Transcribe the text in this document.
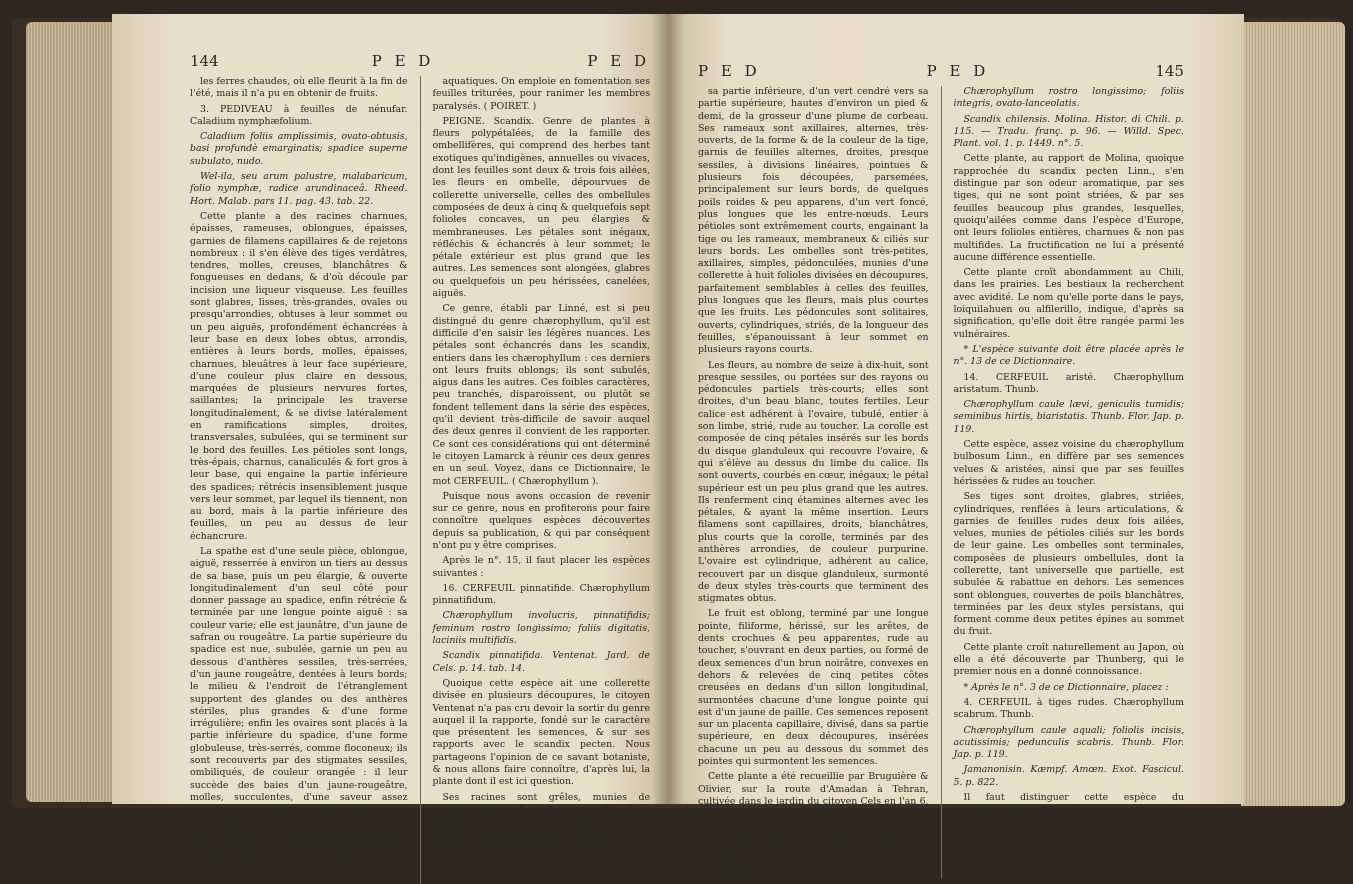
144	P E D	P E D

les ferres chaudes, où elle fleurit à la fin de l'été, mais il n'a pu en obtenir de fruits.

3. PEDIVEAU à feuilles de nénufar. Caladium nymphæfolium.

Caladium foliis amplissimis, ovato-obtusis, basi profundè emarginatis; spadice superne subulato, nudo.

Wel-ila, seu arum palustre, malabaricum, folio nymphæ, radice arundinaceâ. Rheed. Hort. Malab. pars 11. pag. 43. tab. 22.

Cette plante a des racines charnues, épaisses, rameuses, oblongues, épaisses, garnies de filamens capillaires & de rejetons nombreux : il s'en élève des tiges verdâtres, tendres, molles, creuses, blanchâtres & fongueuses en dedans, & d'où découle par incision une liqueur visqueuse. Les feuilles sont glabres, lisses, très-grandes, ovales ou presqu'arrondies, obtuses à leur sommet ou un peu aiguës, profondément échancrées à leur base en deux lobes obtus, arrondis, entières à leurs bords, molles, épaisses, charnues, bleuâtres à leur face supérieure, d'une couleur plus claire en dessous, marquées de plusieurs nervures fortes, saillantes; la principale les traverse longitudinalement, & se divise latéralement en ramifications simples, droites, transversales, subulées, qui se terminent sur le bord des feuilles. Les pétioles sont longs, très-épais, charnus, canaliculés & fort gros à leur base, qui engaine la partie inférieure des spadices; rétrécis insensiblement jusque vers leur sommet, par lequel ils tiennent, non au bord, mais à la partie inférieure des feuilles, un peu au dessus de leur échancrure.

La spathe est d'une seule pièce, oblongue, aiguë, resserrée à environ un tiers au dessus de sa base, puis un peu élargie, & ouverte longitudinalement d'un seul côté pour donner passage au spadice, enfin rétrécie & terminée par une longue pointe aiguë : sa couleur varie; elle est jaunâtre, d'un jaune de safran ou rougeâtre. La partie supérieure du spadice est nue, subulée, garnie un peu au dessous d'anthères sessiles, très-serrées, d'un jaune rougeâtre, dentées à leurs bords; le milieu & l'endroit de l'étranglement supportent des glandes ou des anthères stériles, plus grandes & d'une forme irrégulière; enfin les ovaires sont placés à la partie inférieure du spadice, d'une forme globuleuse, très-serrés, comme floconeux; ils sont recouverts par des stigmates sessiles, ombiliqués, de couleur orangée : il leur succède des baies d'un jaune-rougeâtre, molles, succulentes, d'une saveur assez douce, quoique toutes les autres parties de cette plante soient âcres & brûlantes : elles contiennent huit à dix semences oblongues, un peu arrondies, d'un blanc roussâtre.

Cette plante croît au Malabar, dans les lieux

aquatiques. On emploie en fomentation ses feuilles triturées, pour ranimer les membres paralysés. ( POIRET. )

PEIGNE. Scandix. Genre de plantes à fleurs polypétalées, de la famille des ombellifères, qui comprend des herbes tant exotiques qu'indigènes, annuelles ou vivaces, dont les feuilles sont deux & trois fois ailées, les fleurs en ombelle, dépourvues de collerette universelle, celles des ombellules composées de deux à cinq & quelquefois sept folioles concaves, un peu élargies & membraneuses. Les pétales sont inégaux, réfléchis & échancrés à leur sommet; le pétale extérieur est plus grand que les autres. Les semences sont alongées, glabres ou quelquefois un peu hérissées, canelées, aiguës.

Ce genre, établi par Linné, est si peu distingué du genre chærophyllum, qu'il est difficile d'en saisir les légères nuances. Les pétales sont échancrés dans les scandix, entiers dans les chærophyllum : ces derniers ont leurs fruits oblongs; ils sont subulés, aigus dans les autres. Ces foibles caractères, peu tranchés, disparoissent, ou plutôt se fondent tellement dans la série des espèces, qu'il devient très-difficile de savoir auquel des deux genres il convient de les rapporter. Ce sont ces considérations qui ont déterminé le citoyen Lamarck à réunir ces deux genres en un seul. Voyez, dans ce Dictionnaire, le mot CERFEUIL. ( Chærophyllum ).

Puisque nous avons occasion de revenir sur ce genre, nous en profiterons pour faire connoître quelques espèces découvertes depuis sa publication, & qui par conséquent n'ont pu y être comprises.

Après le n°. 15, il faut placer les espèces suivantes :

16. CERFEUIL pinnatifide. Chærophyllum pinnatifidum.

Chærophyllum involucris, pinnatifidis; feminum rostro longissimo; foliis digitatis, laciniis multifidis.

Scandix pinnatifida. Ventenat. Jard. de Cels. p. 14. tab. 14.

Quoique cette espèce ait une collerette divisée en plusieurs découpures, le citoyen Ventenat n'a pas cru devoir la sortir du genre auquel il la rapporte, fondé sur le caractère que présentent les semences, & sur ses rapports avec le scandix pecten. Nous partageons l'opinion de ce savant botaniste, & nous allons faire connoître, d'après lui, la plante dont il est ici question.

Ses racines sont grêles, munies de quelques fibres, & d'un gris cendré. Elles poussent des tiges presque droites, cylindriques, sillonnées, un peu rudes au toucher, rameuses, de couleur brune à

sa
P E D	P E D	145

sa partie inférieure, d'un vert cendré vers sa partie supérieure, hautes d'environ un pied & demi, de la grosseur d'une plume de corbeau. Ses rameaux sont axillaires, alternes, très-ouverts, de la forme & de la couleur de la tige, garnis de feuilles alternes, droites, presque sessiles, à divisions linéaires, pointues & plusieurs fois découpées, parsemées, principalement sur leurs bords, de quelques poils roides & peu apparens, d'un vert foncé, plus longues que les entre-nœuds. Leurs pétioles sont extrêmement courts, engainant la tige ou les rameaux, membraneux & ciliés sur leurs bords. Les ombelles sont très-petites, axillaires, simples, pédonculées, munies d'une collerette à huit folioles divisées en découpures, parfaitement semblables à celles des feuilles, plus longues que les fleurs, mais plus courtes que les fruits. Les pédoncules sont solitaires, ouverts, cylindriques, striés, de la longueur des feuilles, s'épanouissant à leur sommet en plusieurs rayons courts.

Les fleurs, au nombre de seize à dix-huit, sont presque sessiles, ou portées sur des rayons ou pédoncules partiels très-courts; elles sont droites, d'un beau blanc, toutes fertiles. Leur calice est adhérent à l'ovaire, tubulé, entier à son limbe, strié, rude au toucher. La corolle est composée de cinq pétales insérés sur les bords du disque glanduleux qui recouvre l'ovaire, & qui s'élève au dessus du limbe du calice. Ils sont ouverts, courbés en cœur, inégaux; le pétal supérieur est un peu plus grand que les autres. Ils renferment cinq étamines alternes avec les pétales, & ayant la même insertion. Leurs filamens sont capillaires, droits, blanchâtres, plus courts que la corolle, terminés par des anthères arrondies, de couleur purpurine. L'ovaire est cylindrique, adhérent au calice, recouvert par un disque glanduleux, surmonté de deux styles très-courts que terminent des stigmates obtus.

Le fruit est oblong, terminé par une longue pointe, filiforme, hérissé, sur les arêtes, de dents crochues & peu apparentes, rude au toucher, s'ouvrant en deux parties, ou formé de deux semences d'un brun noirâtre, convexes en dehors & relevées de cinq petites côtes creusées en dedans d'un sillon longitudinal, surmontées chacune d'une longue pointe qui est d'un jaune de paille. Ces semences reposent sur un placenta capillaire, divisé, dans sa partie supérieure, en deux découpures, insérées chacune un peu au dessous du sommet des pointes qui surmontent les semences.

Cette plante a été recueillie par Bruguière & Olivier, sur la route d'Amadan à Tehran, cultivée dans le jardin du citoyen Cels en l'an 6, où elle a fleuri en prairial. ⊙ ( Caract. ex Ventenat. )

17. CERFEUIL du Chili. Chærophyllum chilense.

Botanique. Tome V.

Chærophyllum rostro longissimo; foliis integris, ovato-lanceolatis.

Scandix chilensis. Molina. Histor. di Chili. p. 115. — Tradu. franç. p. 96. — Willd. Spec. Plant. vol. 1. p. 1449. n°. 5.

Cette plante, au rapport de Molina, quoique rapprochée du scandix pecten Linn., s'en distingue par son odeur aromatique, par ses tiges, qui ne sont point striées, & par ses feuilles beaucoup plus grandes, lesquelles, quoiqu'ailées comme dans l'espèce d'Europe, ont leurs folioles entières, charnues & non pas multifides. La fructification ne lui a présenté aucune différence essentielle.

Cette plante croît abondamment au Chili, dans les prairies. Les bestiaux la recherchent avec avidité. Le nom qu'elle porte dans le pays, loiquilahuen ou alfilerillo, indique, d'après sa signification, qu'elle doit être rangée parmi les vulnéraires.

* L'espèce suivante doit être placée après le n°. 13 de ce Dictionnaire.

14. CERFEUIL aristé. Chærophyllum aristatum. Thunb.

Chærophyllum caule lævi, geniculis tumidis; seminibus hirtis, biaristatis. Thunb. Flor. Jap. p. 119.

Cette espèce, assez voisine du chærophyllum bulbosum Linn., en diffère par ses semences velues & aristées, ainsi que par ses feuilles hérissées & rudes au toucher.

Ses tiges sont droites, glabres, striées, cylindriques, renflées à leurs articulations, & garnies de feuilles rudes deux fois ailées, velues, munies de pétioles ciliés sur les bords de leur gaine. Les ombelles sont terminales, composées de plusieurs ombellules, dont la collerette, tant universelle que partielle, est subulée & rabattue en dehors. Les semences sont oblongues, couvertes de poils blanchâtres, terminées par les deux styles persistans, qui forment comme deux petites épines au sommet du fruit.

Cette plante croît naturellement au Japon, où elle a été découverte par Thunberg, qui le premier nous en a donné connoissance.

* Après le n°. 3 de ce Dictionnaire, placez :

4. CERFEUIL à tiges rudes. Chærophyllum scabrum. Thunb.

Chærophyllum caule aquali; foliolis incisis, acutissimis; pedunculis scabris. Thunb. Flor. Jap. p. 119.

Jamanonisin. Kæmpf. Amœn. Exot. Fascicul. 5. p. 822.

Il faut distinguer cette espèce du chærophyllum hirsutum Linn., par ses feuilles bien plus petites

T
